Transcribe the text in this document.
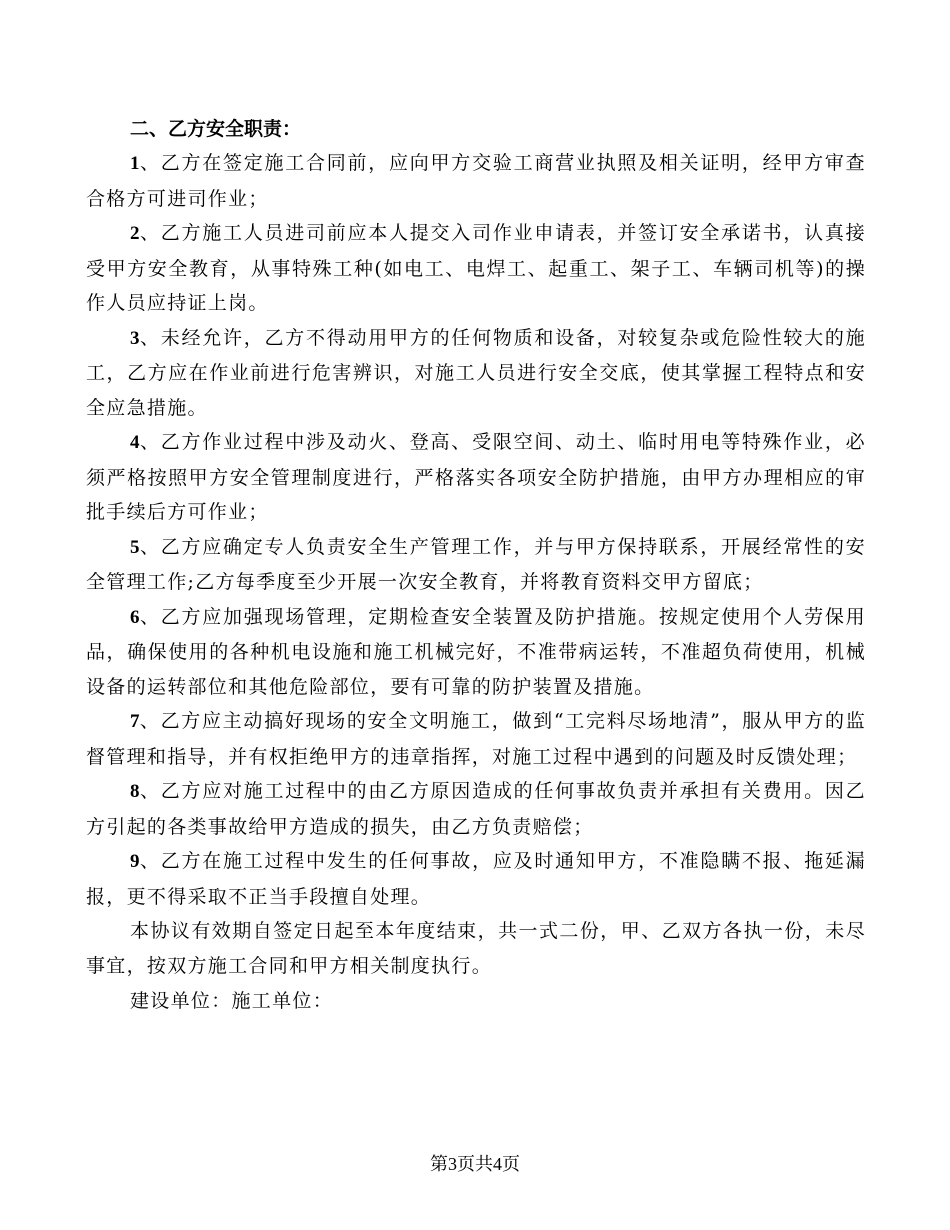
二、乙方安全职责：

1、乙方在签定施工合同前，应向甲方交验工商营业执照及相关证明，经甲方审查合格方可进司作业；

2、乙方施工人员进司前应本人提交入司作业申请表，并签订安全承诺书，认真接受甲方安全教育，从事特殊工种(如电工、电焊工、起重工、架子工、车辆司机等)的操作人员应持证上岗。

3、未经允许，乙方不得动用甲方的任何物质和设备，对较复杂或危险性较大的施工，乙方应在作业前进行危害辨识，对施工人员进行安全交底，使其掌握工程特点和安全应急措施。

4、乙方作业过程中涉及动火、登高、受限空间、动土、临时用电等特殊作业，必须严格按照甲方安全管理制度进行，严格落实各项安全防护措施，由甲方办理相应的审批手续后方可作业；

5、乙方应确定专人负责安全生产管理工作，并与甲方保持联系，开展经常性的安全管理工作;乙方每季度至少开展一次安全教育，并将教育资料交甲方留底；

6、乙方应加强现场管理，定期检查安全装置及防护措施。按规定使用个人劳保用品，确保使用的各种机电设施和施工机械完好，不准带病运转，不准超负荷使用，机械设备的运转部位和其他危险部位，要有可靠的防护装置及措施。

7、乙方应主动搞好现场的安全文明施工，做到“工完料尽场地清”，服从甲方的监督管理和指导，并有权拒绝甲方的违章指挥，对施工过程中遇到的问题及时反馈处理；

8、乙方应对施工过程中的由乙方原因造成的任何事故负责并承担有关费用。因乙方引起的各类事故给甲方造成的损失，由乙方负责赔偿；

9、乙方在施工过程中发生的任何事故，应及时通知甲方，不准隐瞒不报、拖延漏报，更不得采取不正当手段擅自处理。

本协议有效期自签定日起至本年度结束，共一式二份，甲、乙双方各执一份，未尽事宜，按双方施工合同和甲方相关制度执行。

建设单位：施工单位：

第3页共4页
